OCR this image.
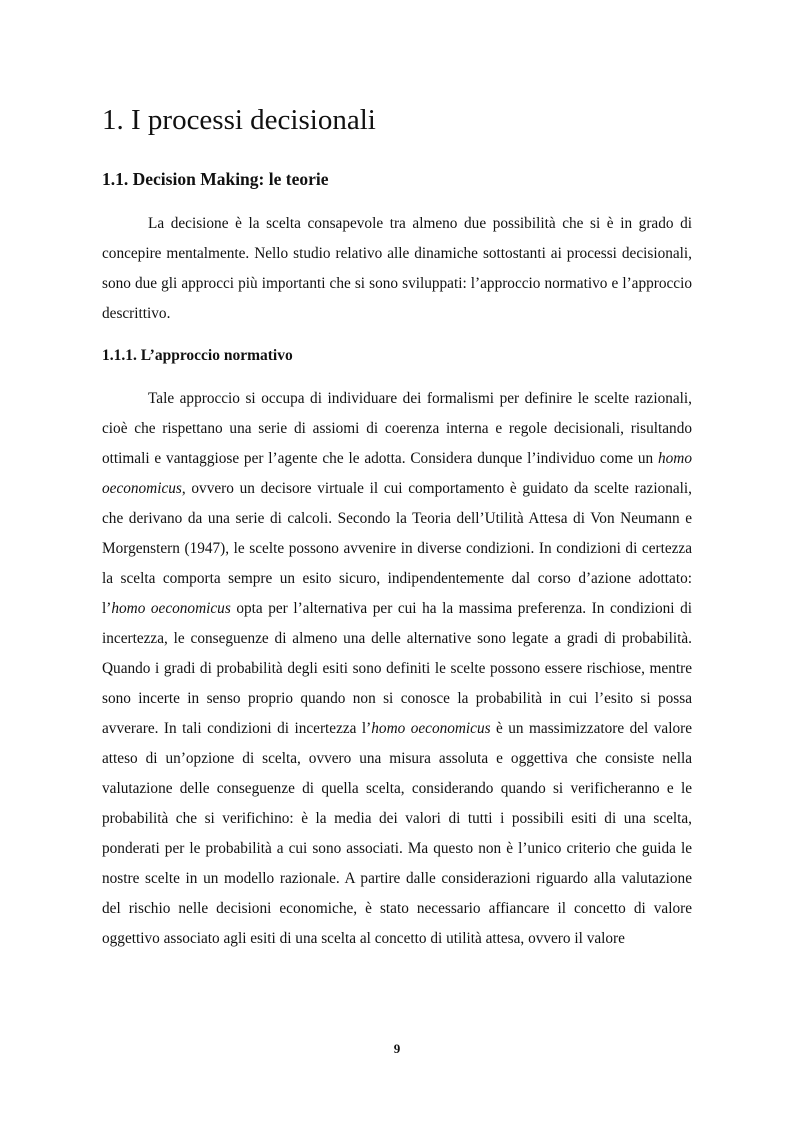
1. I processi decisionali
1.1. Decision Making: le teorie

La decisione è la scelta consapevole tra almeno due possibilità che si è in grado di concepire mentalmente. Nello studio relativo alle dinamiche sottostanti ai processi decisionali, sono due gli approcci più importanti che si sono sviluppati: l’approccio normativo e l’approccio descrittivo.

1.1.1. L’approccio normativo

Tale approccio si occupa di individuare dei formalismi per definire le scelte razionali, cioè che rispettano una serie di assiomi di coerenza interna e regole decisionali, risultando ottimali e vantaggiose per l’agente che le adotta. Considera dunque l’individuo come un homo oeconomicus, ovvero un decisore virtuale il cui comportamento è guidato da scelte razionali, che derivano da una serie di calcoli. Secondo la Teoria dell’Utilità Attesa di Von Neumann e Morgenstern (1947), le scelte possono avvenire in diverse condizioni. In condizioni di certezza la scelta comporta sempre un esito sicuro, indipendentemente dal corso d’azione adottato: l’homo oeconomicus opta per l’alternativa per cui ha la massima preferenza. In condizioni di incertezza, le conseguenze di almeno una delle alternative sono legate a gradi di probabilità. Quando i gradi di probabilità degli esiti sono definiti le scelte possono essere rischiose, mentre sono incerte in senso proprio quando non si conosce la probabilità in cui l’esito si possa avverare. In tali condizioni di incertezza l’homo oeconomicus è un massimizzatore del valore atteso di un’opzione di scelta, ovvero una misura assoluta e oggettiva che consiste nella valutazione delle conseguenze di quella scelta, considerando quando si verificheranno e le probabilità che si verifichino: è la media dei valori di tutti i possibili esiti di una scelta, ponderati per le probabilità a cui sono associati. Ma questo non è l’unico criterio che guida le nostre scelte in un modello razionale. A partire dalle considerazioni riguardo alla valutazione del rischio nelle decisioni economiche, è stato necessario affiancare il concetto di valore oggettivo associato agli esiti di una scelta al concetto di utilità attesa, ovvero il valore

9
